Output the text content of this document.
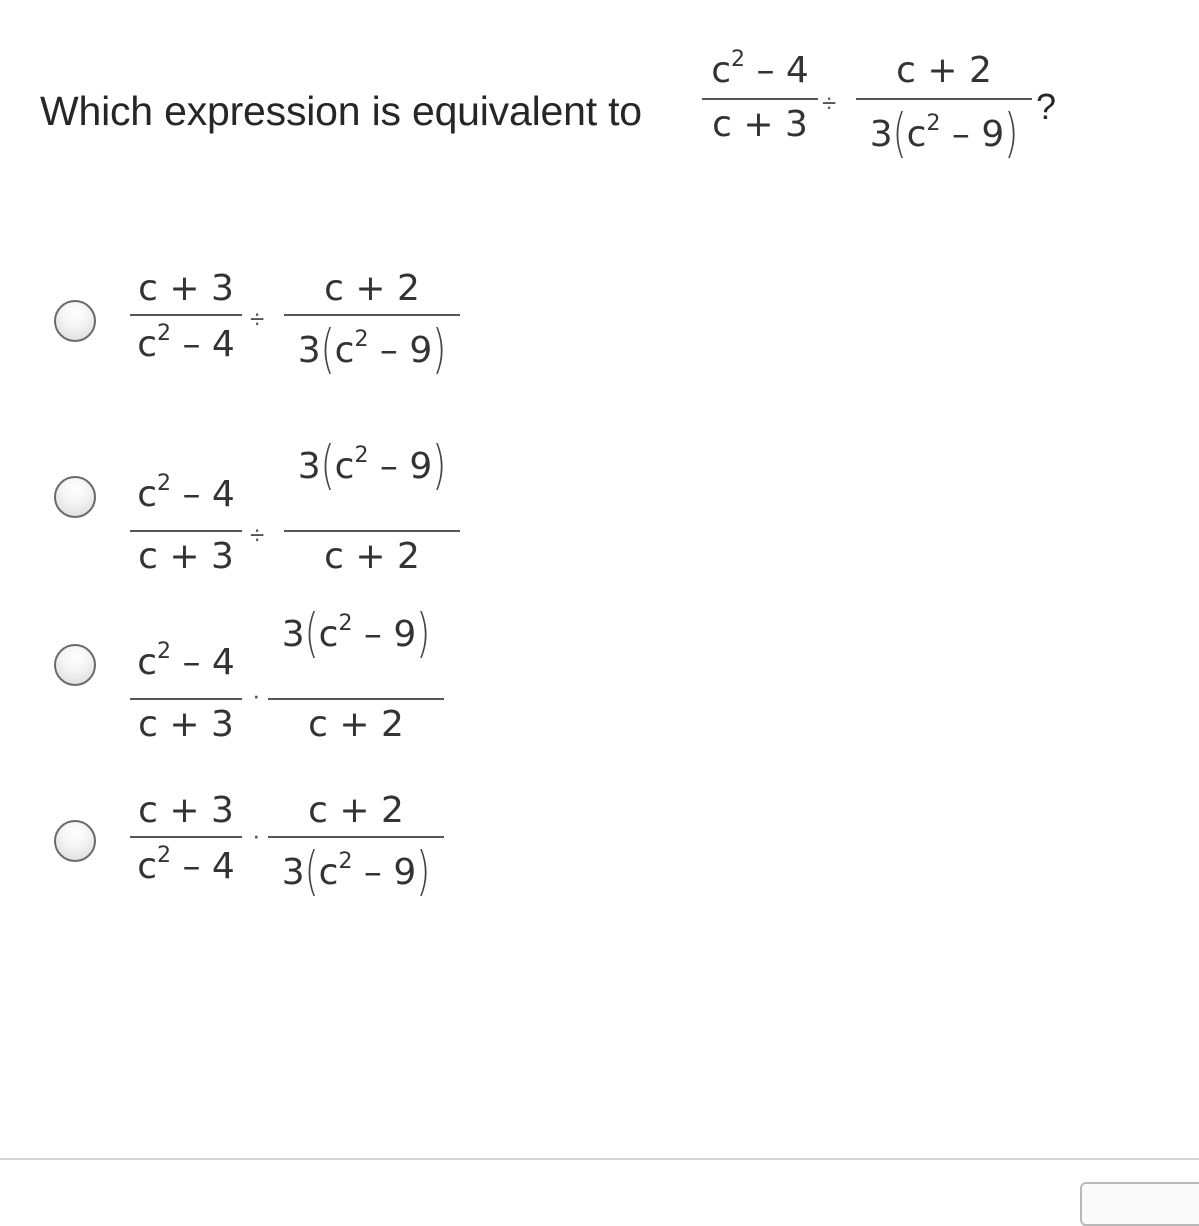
Which expression is equivalent to
$c^2 - 4$
c + 3
÷
c + 2
$3(c^2 - 9)$ ?
c + 3
$c^2 - 4$
÷
c + 2
$3(c^2 - 9)$
$c^2 - 4$
c + 3
÷
$3(c^2 - 9)$
c + 2
$c^2 - 4$
c + 3
·
$3(c^2 - 9)$
c + 2
c + 3
$c^2 - 4$
·
c + 2
$3(c^2 - 9)$
